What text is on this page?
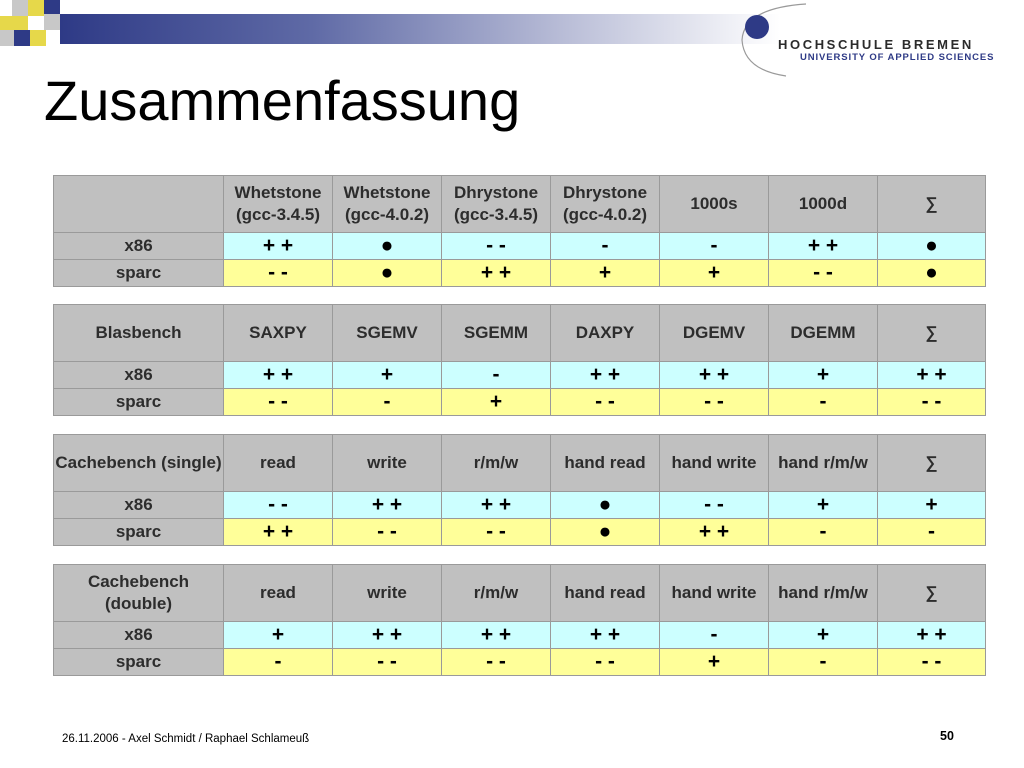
HOCHSCHULE BREMEN
UNIVERSITY OF APPLIED SCIENCES
Zusammenfassung
	Whetstone (gcc-3.4.5)	Whetstone (gcc-4.0.2)	Dhrystone (gcc-3.4.5)	Dhrystone (gcc-4.0.2)	1000s	1000d	∑
x86	+ +	●	- -	-	-	+ +	●
sparc	- -	●	+ +	+	+	- -	●
Blasbench	SAXPY	SGEMV	SGEMM	DAXPY	DGEMV	DGEMM	∑
x86	+ +	+	-	+ +	+ +	+	+ +
sparc	- -	-	+	- -	- -	-	- -
Cachebench (single)	read	write	r/m/w	hand read	hand write	hand r/m/w	∑
x86	- -	+ +	+ +	●	- -	+	+
sparc	+ +	- -	- -	●	+ +	-	-
Cachebench (double)	read	write	r/m/w	hand read	hand write	hand r/m/w	∑
x86	+	+ +	+ +	+ +	-	+	+ +
sparc	-	- -	- -	- -	+	-	- -
26.11.2006 - Axel Schmidt / Raphael Schlameuß	50
